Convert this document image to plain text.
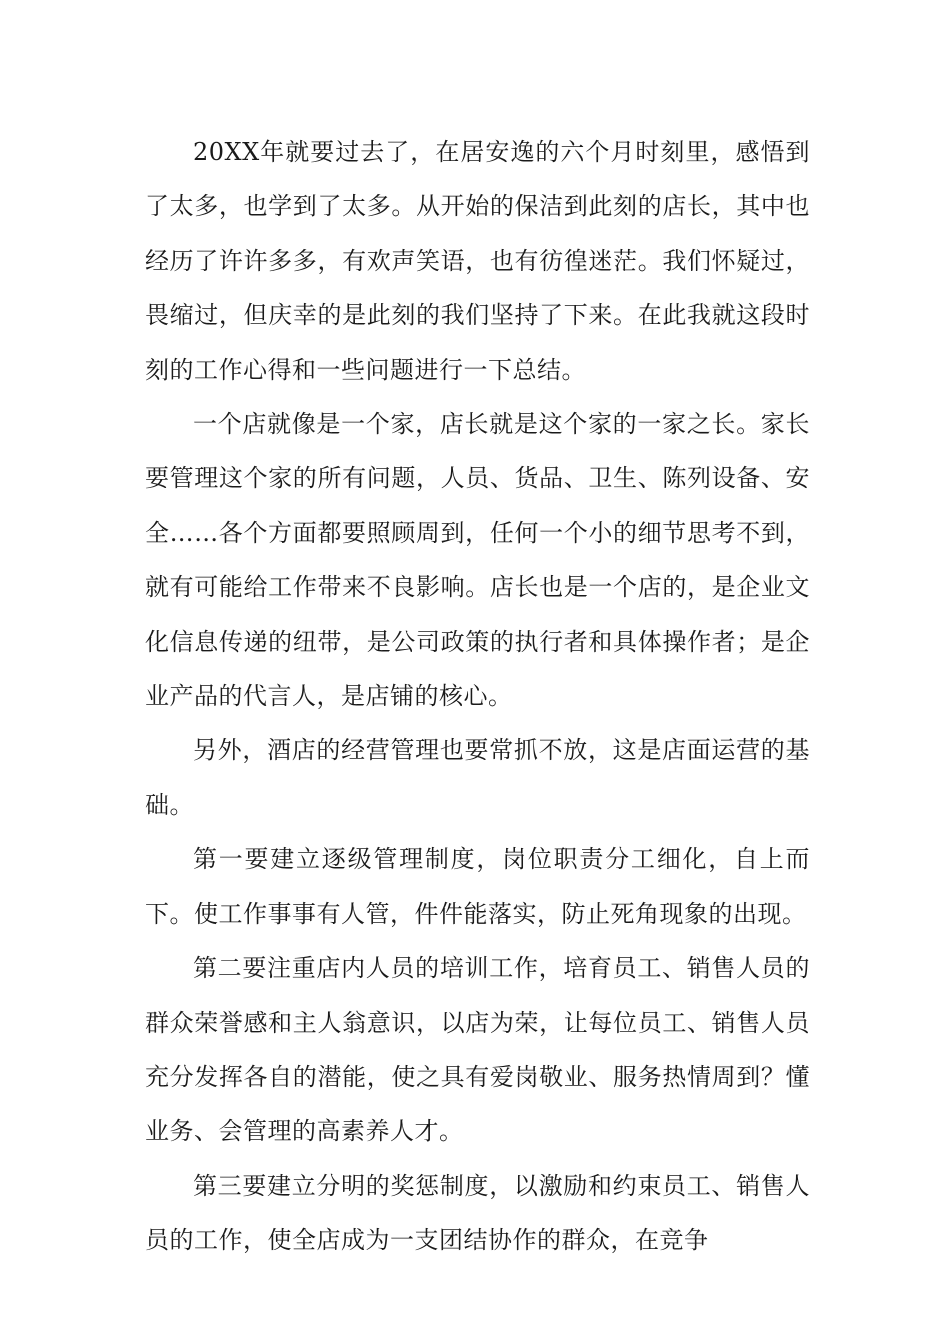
20XX年就要过去了，在居安逸的六个月时刻里，感悟到了太多，也学到了太多。从开始的保洁到此刻的店长，其中也经历了许许多多，有欢声笑语，也有彷徨迷茫。我们怀疑过，畏缩过，但庆幸的是此刻的我们坚持了下来。在此我就这段时刻的工作心得和一些问题进行一下总结。

一个店就像是一个家，店长就是这个家的一家之长。家长要管理这个家的所有问题，人员、货品、卫生、陈列设备、安全……各个方面都要照顾周到，任何一个小的细节思考不到，就有可能给工作带来不良影响。店长也是一个店的，是企业文化信息传递的纽带，是公司政策的执行者和具体操作者；是企业产品的代言人，是店铺的核心。

另外，酒店的经营管理也要常抓不放，这是店面运营的基础。

第一要建立逐级管理制度，岗位职责分工细化，自上而下。使工作事事有人管，件件能落实，防止死角现象的出现。

第二要注重店内人员的培训工作，培育员工、销售人员的群众荣誉感和主人翁意识，以店为荣，让每位员工、销售人员充分发挥各自的潜能，使之具有爱岗敬业、服务热情周到？懂业务、会管理的高素养人才。

第三要建立分明的奖惩制度，以激励和约束员工、销售人员的工作，使全店成为一支团结协作的群众，在竞争
